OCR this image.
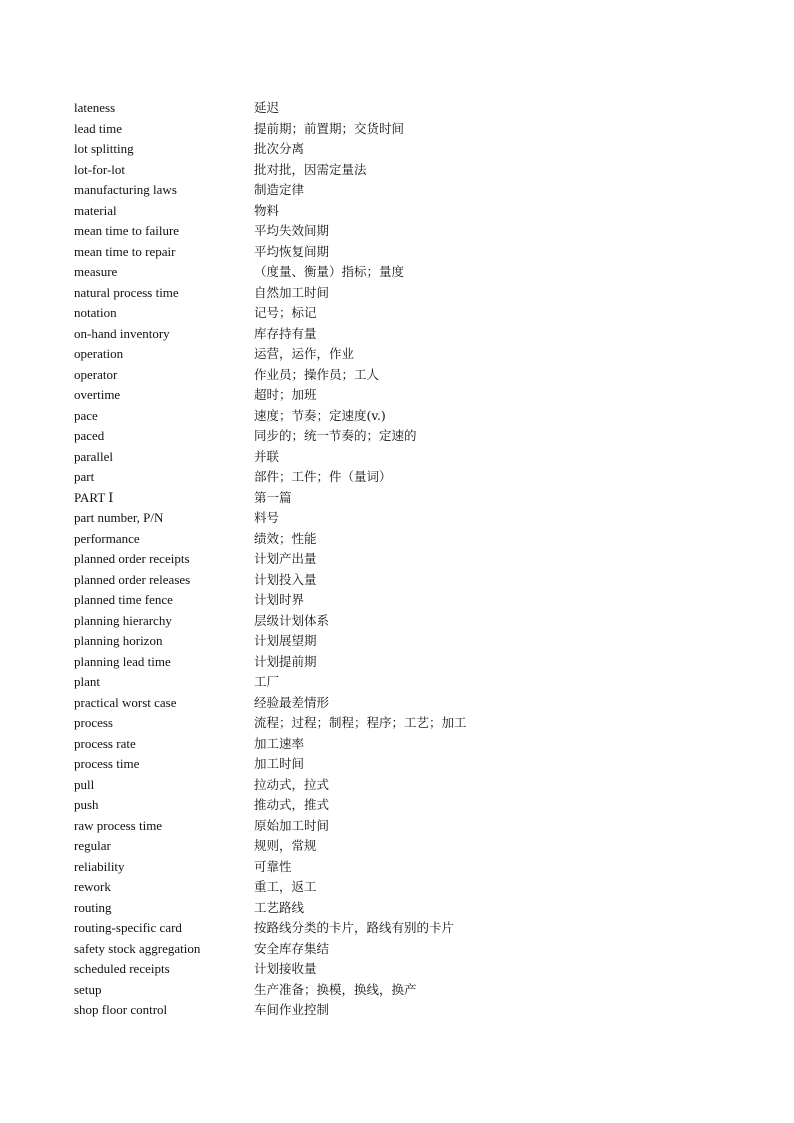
lateness	延迟
lead time	提前期；前置期；交货时间
lot splitting	批次分离
lot-for-lot	批对批，因需定量法
manufacturing laws	制造定律
material	物料
mean time to failure	平均失效间期
mean time to repair	平均恢复间期
measure	（度量、衡量）指标；量度
natural process time	自然加工时间
notation	记号；标记
on-hand inventory	库存持有量
operation	运营，运作，作业
operator	作业员；操作员；工人
overtime	超时；加班
pace	速度；节奏；定速度(v.)
paced	同步的；统一节奏的；定速的
parallel	并联
part	部件；工件；件（量词）
PART Ⅰ	第一篇
part number, P/N	料号
performance	绩效；性能
planned order receipts	计划产出量
planned order releases	计划投入量
planned time fence	计划时界
planning hierarchy	层级计划体系
planning horizon	计划展望期
planning lead time	计划提前期
plant	工厂
practical worst case	经验最差情形
process	流程；过程；制程；程序；工艺；加工
process rate	加工速率
process time	加工时间
pull	拉动式，拉式
push	推动式，推式
raw process time	原始加工时间
regular	规则，常规
reliability	可靠性
rework	重工，返工
routing	工艺路线
routing-specific card	按路线分类的卡片，路线有别的卡片
safety stock aggregation	安全库存集结
scheduled receipts	计划接收量
setup	生产准备；换模，换线，换产
shop floor control	车间作业控制
